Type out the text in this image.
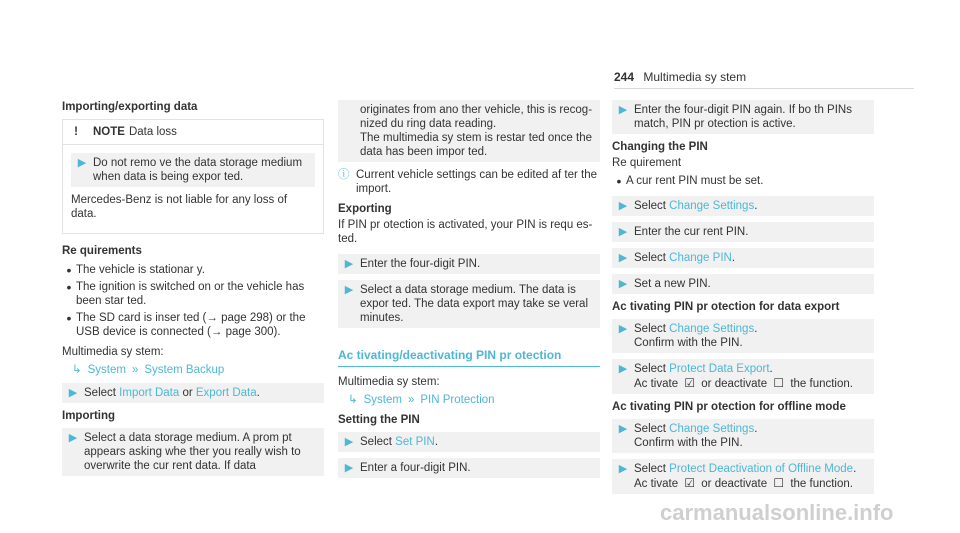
244 Multimedia sy stem
Importing/exporting data
! NOTE Data loss
▶ Do not remo ve the data storage medium when data is being expor ted.
Mercedes-Benz is not liable for any loss of data.
Re quirements
• The vehicle is stationar y.
• The ignition is switched on or the vehicle has been star ted.
• The SD card is inser ted (→ page 298) or the USB device is connected (→ page 300).
Multimedia sy stem:
↳ System » System Backup
▶ Select Import Data or Export Data.
Importing
▶ Select a data storage medium. A prom pt appears asking whe ther you really wish to overwrite the cur rent data. If data
originates from ano ther vehicle, this is recog‐ nized du ring data reading.
The multimedia sy stem is restar ted once the data has been impor ted.
ⓘ Current vehicle settings can be edited af ter the import.
Exporting
If PIN pr otection is activated, your PIN is requ es‐ ted.
▶ Enter the four-digit PIN.
▶ Select a data storage medium. The data is expor ted. The data export may take se veral minutes.
Ac tivating/deactivating PIN pr otection
Multimedia sy stem:
↳ System » PIN Protection
Setting the PIN
▶ Select Set PIN.
▶ Enter a four-digit PIN.
▶ Enter the four-digit PIN again. If bo th PINs match, PIN pr otection is active.
Changing the PIN
Re quirement
• A cur rent PIN must be set.
▶ Select Change Settings.
▶ Enter the cur rent PIN.
▶ Select Change PIN.
▶ Set a new PIN.
Ac tivating PIN pr otection for data export
▶ Select Change Settings.
Confirm with the PIN.
▶ Select Protect Data Export.
Ac tivate ☑ or deactivate ☐ the function.
Ac tivating PIN pr otection for offline mode
▶ Select Change Settings.
Confirm with the PIN.
▶ Select Protect Deactivation of Offline Mode.
Ac tivate ☑ or deactivate ☐ the function.
carmanualsonline.info
